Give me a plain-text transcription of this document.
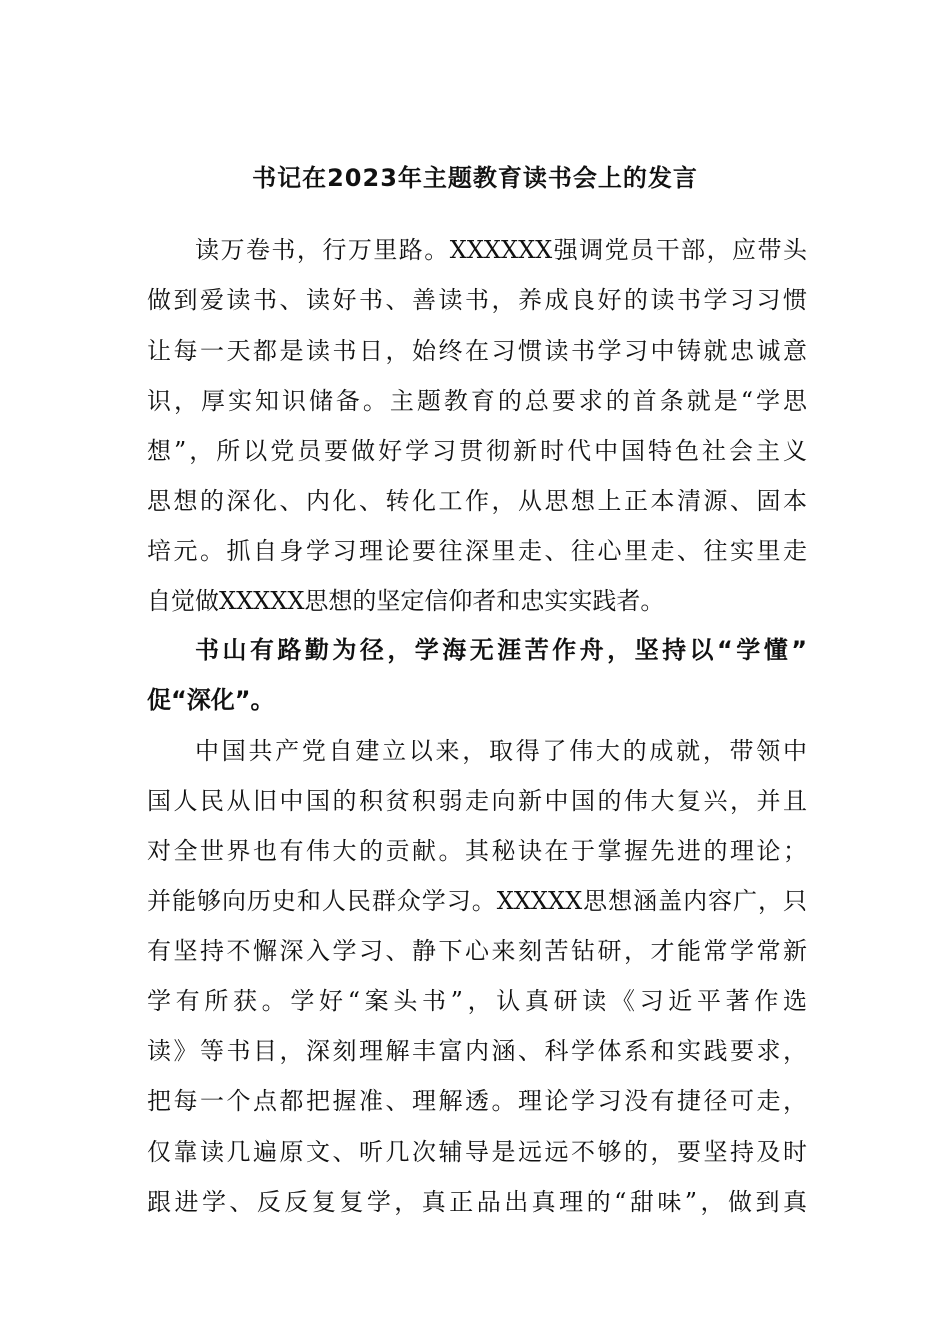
书记在2023年主题教育读书会上的发言
读万卷书，行万里路。XXXXXX强调党员干部，应带头
做到爱读书、读好书、善读书，养成良好的读书学习习惯
让每一天都是读书日，始终在习惯读书学习中铸就忠诚意
识，厚实知识储备。主题教育的总要求的首条就是“学思
想”，所以党员要做好学习贯彻新时代中国特色社会主义
思想的深化、内化、转化工作，从思想上正本清源、固本
培元。抓自身学习理论要往深里走、往心里走、往实里走
自觉做XXXXX思想的坚定信仰者和忠实实践者。
书山有路勤为径，学海无涯苦作舟，坚持以“学懂”
促“深化”。
中国共产党自建立以来，取得了伟大的成就，带领中
国人民从旧中国的积贫积弱走向新中国的伟大复兴，并且
对全世界也有伟大的贡献。其秘诀在于掌握先进的理论；
并能够向历史和人民群众学习。XXXXX思想涵盖内容广，只
有坚持不懈深入学习、静下心来刻苦钻研，才能常学常新
学有所获。学好“案头书”，认真研读《习近平著作选
读》等书目，深刻理解丰富内涵、科学体系和实践要求，
把每一个点都把握准、理解透。理论学习没有捷径可走，
仅靠读几遍原文、听几次辅导是远远不够的，要坚持及时
跟进学、反反复复学，真正品出真理的“甜味”，做到真
